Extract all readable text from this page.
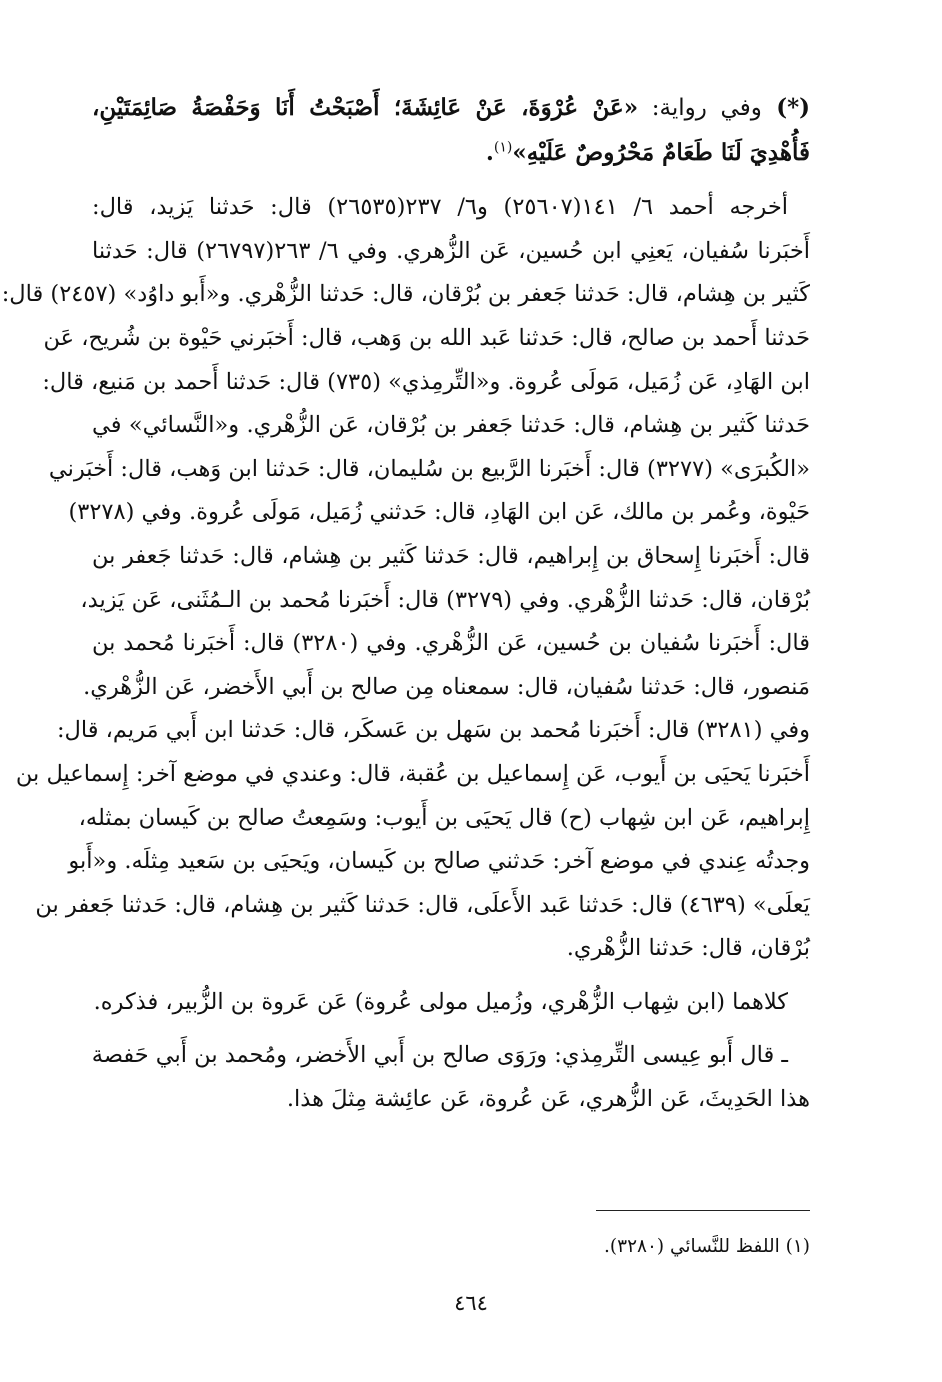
(*) وفي رواية: «عَنْ عُرْوَةَ، عَنْ عَائِشَةَ؛ أَصْبَحْتُ أَنَا وَحَفْصَةُ صَائِمَتَيْنِ،
فَأُهْدِيَ لَنَا طَعَامٌ مَحْرُوصٌ عَلَيْهِ»$^{(١)}$.

أخرجه أحمد ٦/ ١٤١(٢٥٦٠٧) و٦/ ٢٣٧(٢٦٥٣٥) قال: حَدثنا يَزيد، قال:
أَخبَرنا سُفيان، يَعنِي ابن حُسين، عَن الزُّهري. وفي ٦/ ٢٦٣(٢٦٧٩٧) قال: حَدثنا
كَثير بن هِشام، قال: حَدثنا جَعفر بن بُرْقان، قال: حَدثنا الزُّهْري. و«أَبو داوُد» (٢٤٥٧) قال:
حَدثنا أَحمد بن صالح، قال: حَدثنا عَبد الله بن وَهب، قال: أَخبَرني حَيْوة بن شُريح، عَن
ابن الهَادِ، عَن زُمَيل، مَولَى عُروة. و«التِّرمِذي» (٧٣٥) قال: حَدثنا أَحمد بن مَنيع، قال:
حَدثنا كَثير بن هِشام، قال: حَدثنا جَعفر بن بُرْقان، عَن الزُّهْري. و«النَّسائي» في
«الكُبرَى» (٣٢٧٧) قال: أَخبَرنا الرَّبيع بن سُليمان، قال: حَدثنا ابن وَهب، قال: أَخبَرني
حَيْوة، وعُمر بن مالك، عَن ابن الهَادِ، قال: حَدثني زُمَيل، مَولَى عُروة. وفي (٣٢٧٨)
قال: أَخبَرنا إِسحاق بن إِبراهيم، قال: حَدثنا كَثير بن هِشام، قال: حَدثنا جَعفر بن
بُرْقان، قال: حَدثنا الزُّهْري. وفي (٣٢٧٩) قال: أَخبَرنا مُحمد بن الـمُثَنى، عَن يَزيد،
قال: أَخبَرنا سُفيان بن حُسين، عَن الزُّهْري. وفي (٣٢٨٠) قال: أَخبَرنا مُحمد بن
مَنصور، قال: حَدثنا سُفيان، قال: سمعناه مِن صالح بن أَبي الأَخضر، عَن الزُّهْري.
وفي (٣٢٨١) قال: أَخبَرنا مُحمد بن سَهل بن عَسكَر، قال: حَدثنا ابن أَبي مَريم، قال:
أَخبَرنا يَحيَى بن أَيوب، عَن إِسماعيل بن عُقبة، قال: وعندي في موضع آخر: إِسماعيل بن
إِبراهيم، عَن ابن شِهاب (ح) قال يَحيَى بن أَيوب: وسَمِعتُ صالح بن كَيسان بمثله،
وجدتُه عِندي في موضع آخر: حَدثني صالح بن كَيسان، ويَحيَى بن سَعيد مِثلَه. و«أَبو
يَعلَى» (٤٦٣٩) قال: حَدثنا عَبد الأَعلَى، قال: حَدثنا كَثير بن هِشام، قال: حَدثنا جَعفر بن
بُرْقان، قال: حَدثنا الزُّهْري.

كلاهما (ابن شِهاب الزُّهْري، وزُميل مولى عُروة) عَن عَروة بن الزُّبير، فذكره.

ـ قال أَبو عِيسى التِّرمِذي: ورَوَى صالح بن أَبي الأَخضر، ومُحمد بن أَبي حَفصة
هذا الحَدِيثَ، عَن الزُّهري، عَن عُروة، عَن عائِشة مِثلَ هذا.

(١) اللفظ للنَّسائي (٣٢٨٠).
٤٦٤
